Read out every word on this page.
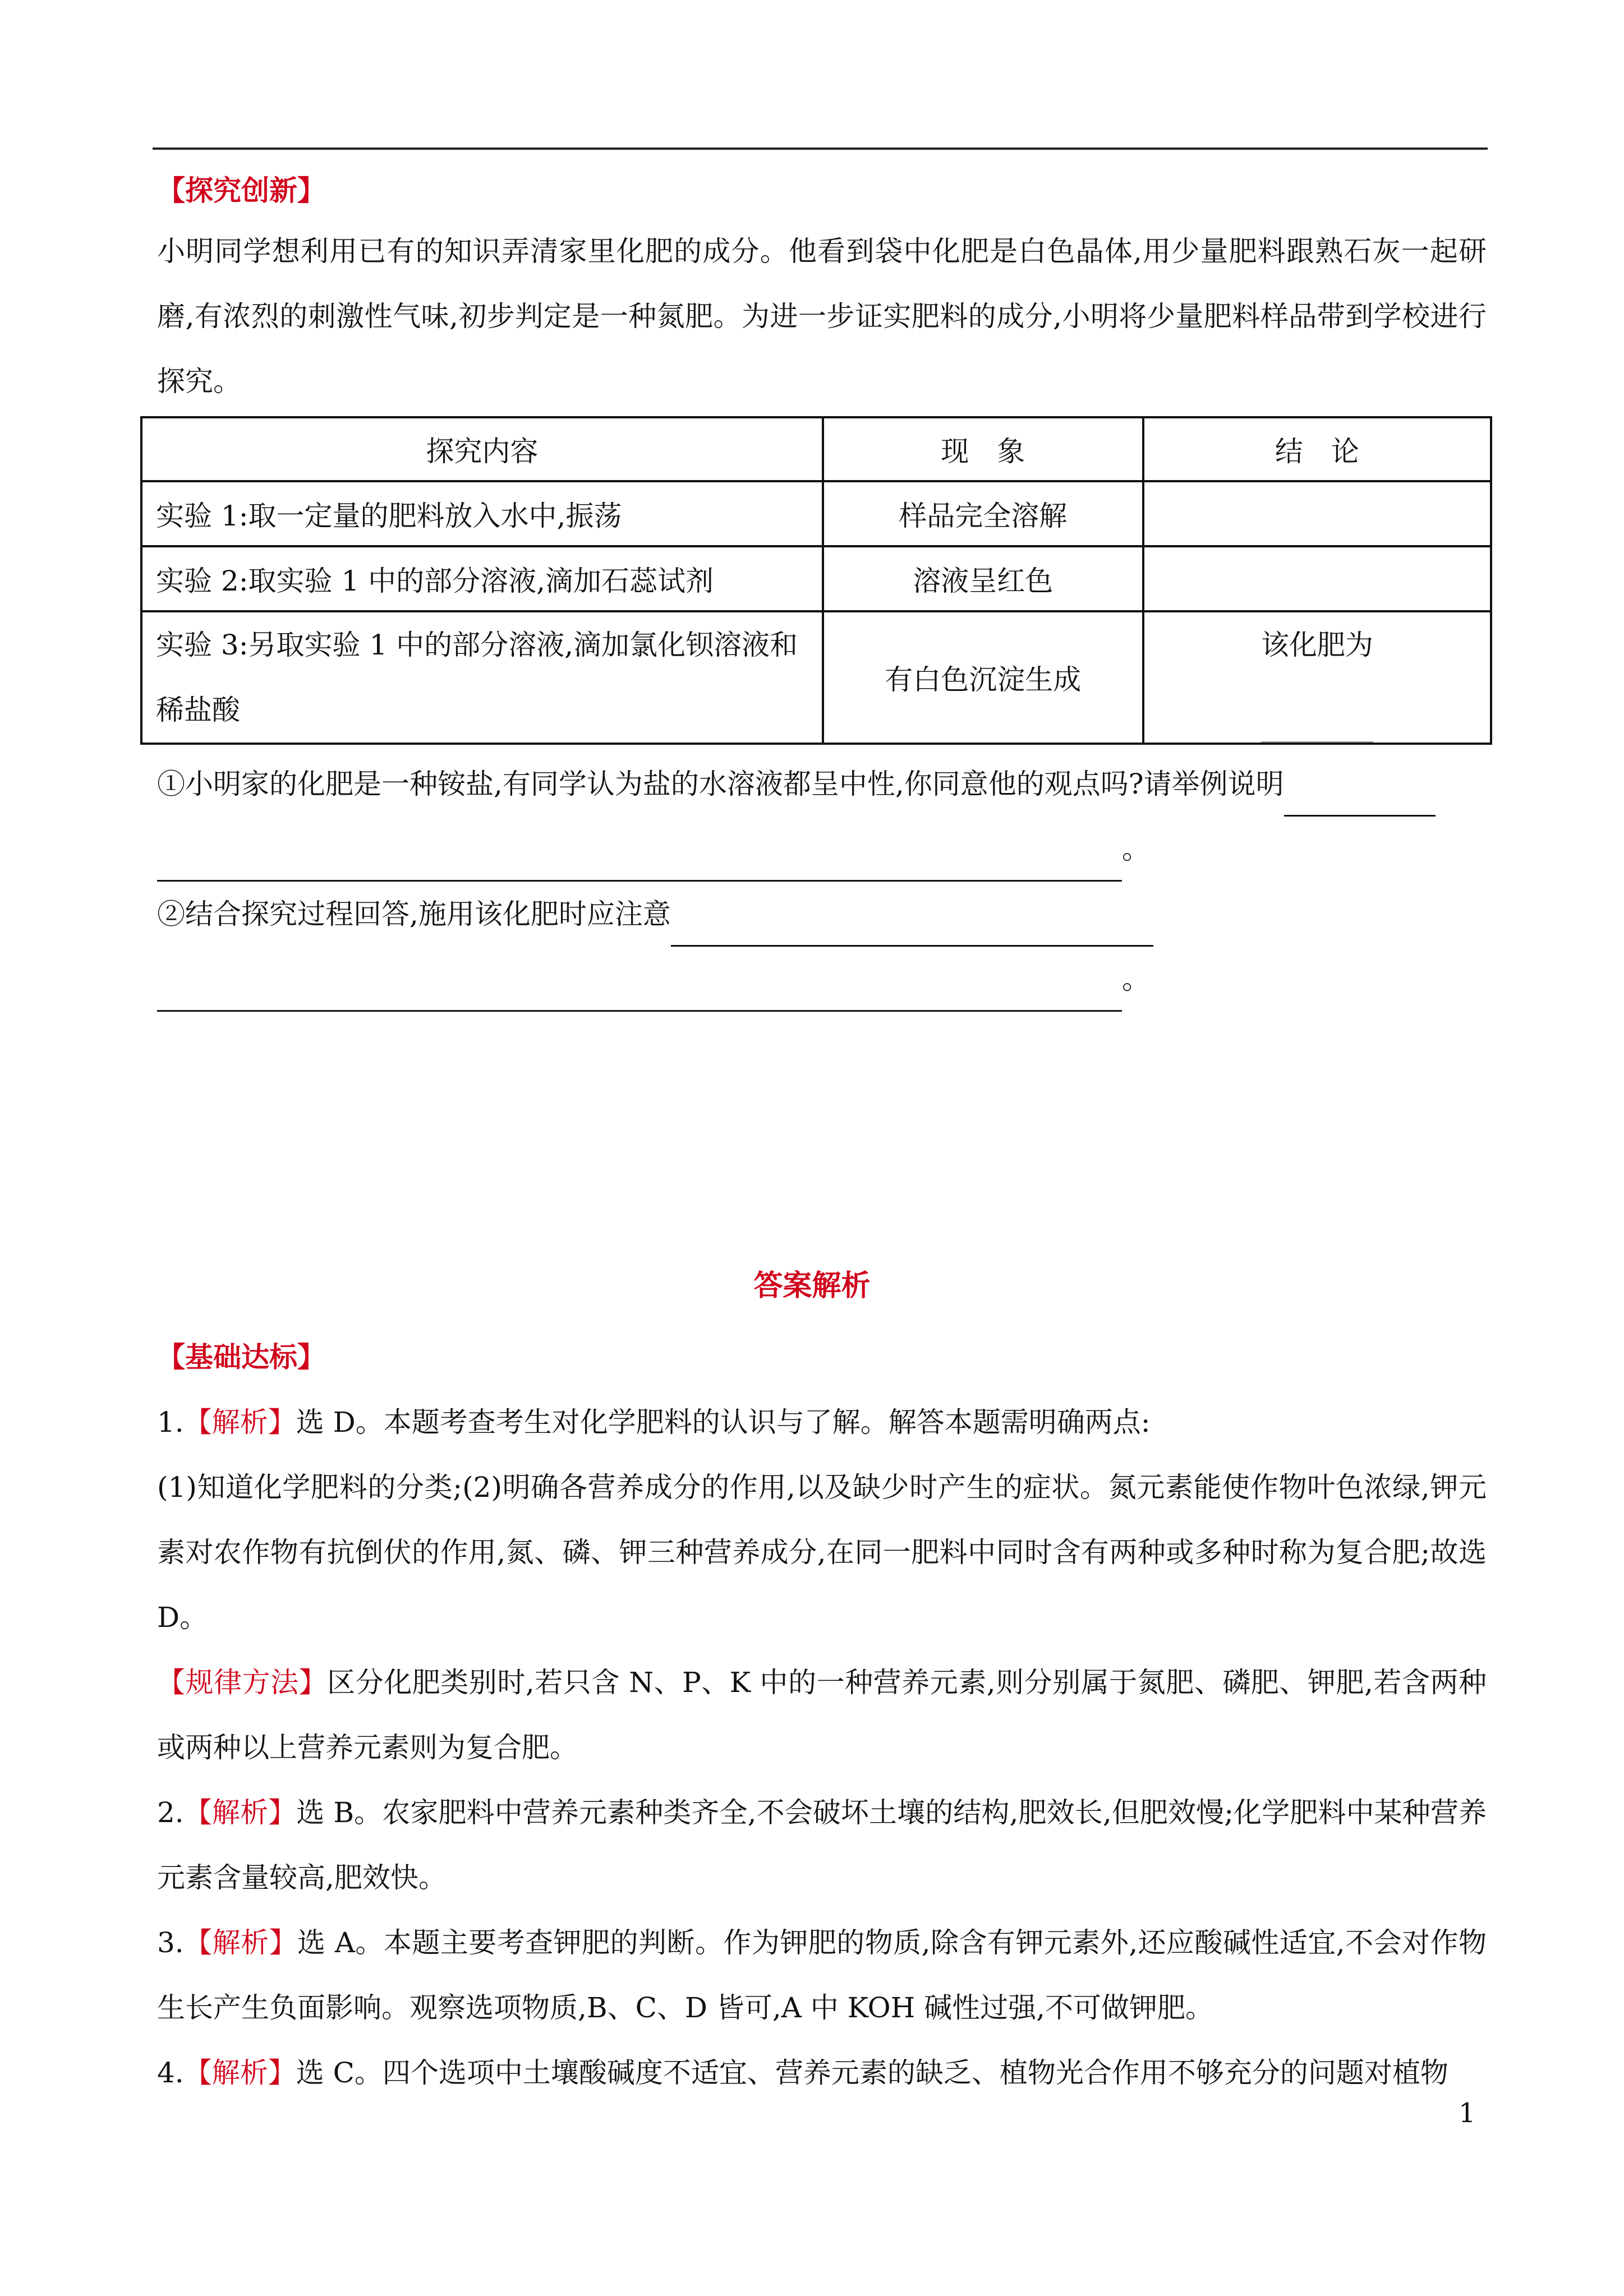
【探究创新】

小明同学想利用已有的知识弄清家里化肥的成分。他看到袋中化肥是白色晶体,用少量肥料跟熟石灰一起研磨,有浓烈的刺激性气味,初步判定是一种氮肥。为进一步证实肥料的成分,小明将少量肥料样品带到学校进行探究。

探究内容	现　象	结　论
实验 1:取一定量的肥料放入水中,振荡	样品完全溶解	
实验 2:取实验 1 中的部分溶液,滴加石蕊试剂	溶液呈红色	
实验 3:另取实验 1 中的部分溶液,滴加氯化钡溶液和稀盐酸	有白色沉淀生成	该化肥为

①小明家的化肥是一种铵盐,有同学认为盐的水溶液都呈中性,你同意他的观点吗?请举例说明

。

②结合探究过程回答,施用该化肥时应注意

。

答案解析
【基础达标】

1.【解析】选 D。本题考查考生对化学肥料的认识与了解。解答本题需明确两点:

(1)知道化学肥料的分类;(2)明确各营养成分的作用,以及缺少时产生的症状。氮元素能使作物叶色浓绿,钾元素对农作物有抗倒伏的作用,氮、磷、钾三种营养成分,在同一肥料中同时含有两种或多种时称为复合肥;故选 D。

【规律方法】区分化肥类别时,若只含 N、P、K 中的一种营养元素,则分别属于氮肥、磷肥、钾肥,若含两种或两种以上营养元素则为复合肥。

2.【解析】选 B。农家肥料中营养元素种类齐全,不会破坏土壤的结构,肥效长,但肥效慢;化学肥料中某种营养元素含量较高,肥效快。

3.【解析】选 A。本题主要考查钾肥的判断。作为钾肥的物质,除含有钾元素外,还应酸碱性适宜,不会对作物生长产生负面影响。观察选项物质,B、C、D 皆可,A 中 KOH 碱性过强,不可做钾肥。

4.【解析】选 C。四个选项中土壤酸碱度不适宜、营养元素的缺乏、植物光合作用不够充分的问题对植物

1
